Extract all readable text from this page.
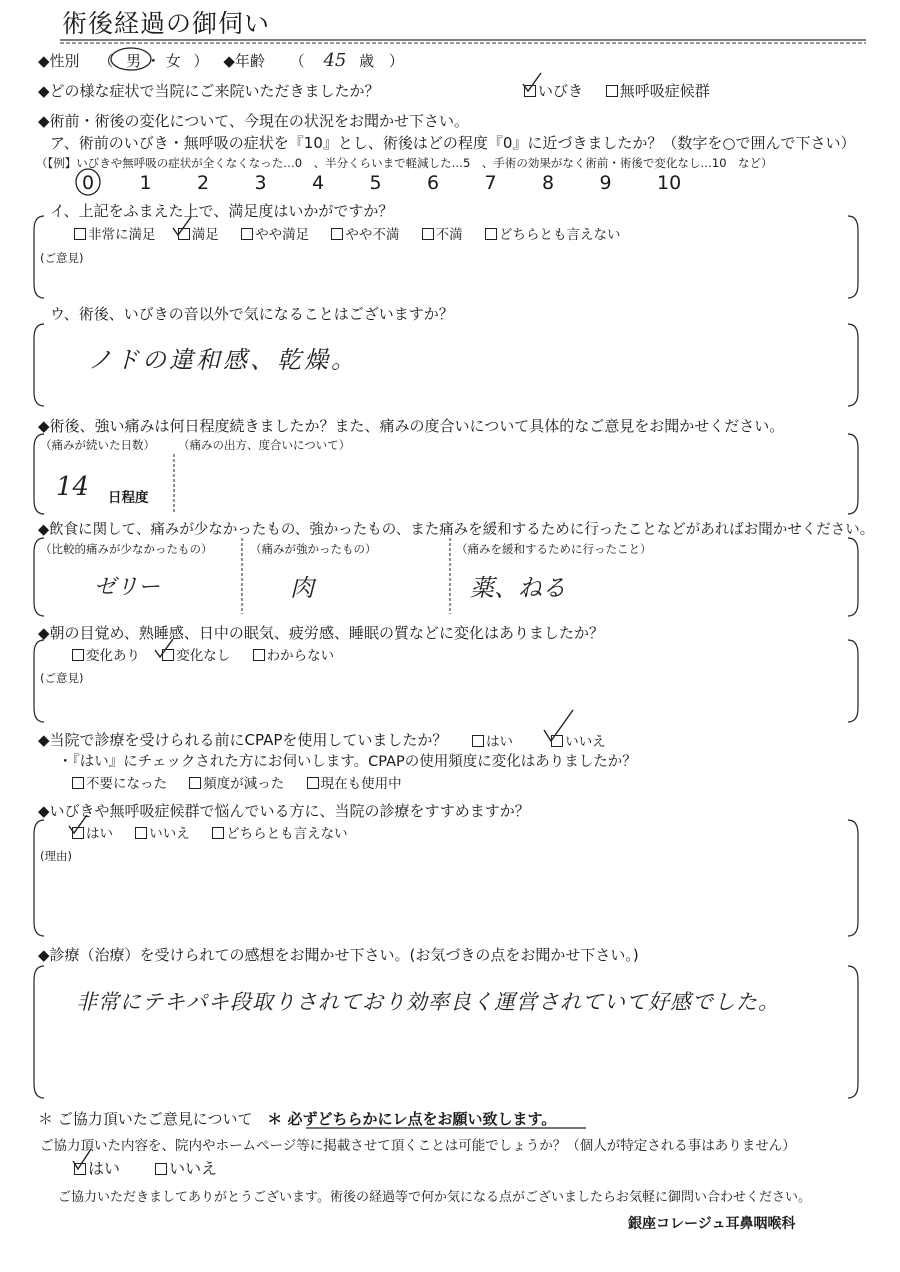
術後経過の御伺い
◆性別 （ 男 ・ 女 ） ◆年齢 （ 45 歳 ）
◆どの様な症状で当院にご来院いただきましたか？	いびき 無呼吸症候群
◆術前・術後の変化について、今現在の状況をお聞かせ下さい。
ア、術前のいびき・無呼吸の症状を『10』とし、術後はどの程度『0』に近づきましたか？（数字を○で囲んで下さい）
（【例】いびきや無呼吸の症状が全くなくなった…0　、半分くらいまで軽減した…5　、手術の効果がなく術前・術後で変化なし…10　など）
0 1 2 3 4 5 6 7 8 9 10
イ、上記をふまえた上で、満足度はいかがですか？
非常に満足	満足	やや満足	やや不満	不満	どちらとも言えない
(ご意見)
ウ、術後、いびきの音以外で気になることはございますか？
ノドの違和感、乾燥。
◆術後、強い痛みは何日程度続きましたか？また、痛みの度合いについて具体的なご意見をお聞かせください。
（痛みが続いた日数） （痛みの出方、度合いについて）
14 日程度
◆飲食に関して、痛みが少なかったもの、強かったもの、また痛みを緩和するために行ったことなどがあればお聞かせください。
（比較的痛みが少なかったもの）	（痛みが強かったもの）	（痛みを緩和するために行ったこと）
ゼリー	肉	薬、ねる
◆朝の目覚め、熟睡感、日中の眠気、疲労感、睡眠の質などに変化はありましたか？
変化あり	変化なし	わからない
(ご意見)
◆当院で診療を受けられる前にCPAPを使用していましたか？	はい	いいえ
・『はい』にチェックされた方にお伺いします。CPAPの使用頻度に変化はありましたか？
不要になった	頻度が減った	現在も使用中
◆いびきや無呼吸症候群で悩んでいる方に、当院の診療をすすめますか？
はい	いいえ	どちらとも言えない
(理由)
◆診療（治療）を受けられての感想をお聞かせ下さい。(お気づきの点をお聞かせ下さい。)
非常にテキパキ段取りされており効率良く運営されていて好感でした。
＊ ご協力頂いたご意見について ＊ 必ずどちらかにレ点をお願い致します。
ご協力頂いた内容を、院内やホームページ等に掲載させて頂くことは可能でしょうか？（個人が特定される事はありません）
はい	いいえ
ご協力いただきましてありがとうございます。術後の経過等で何か気になる点がございましたらお気軽に御問い合わせください。
銀座コレージュ耳鼻咽喉科
